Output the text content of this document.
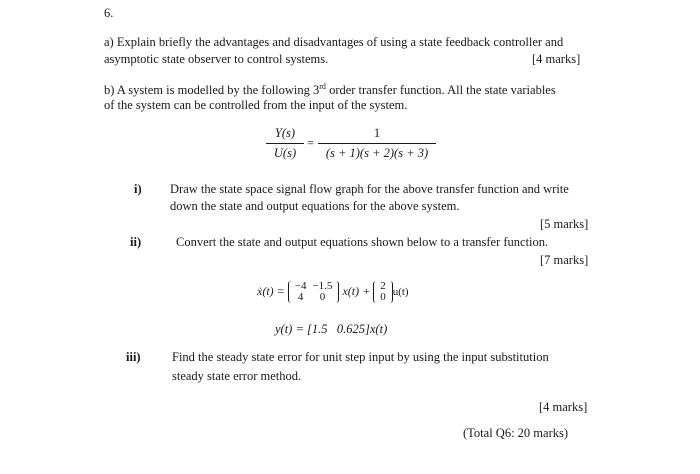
6.
a) Explain briefly the advantages and disadvantages of using a state feedback controller and
asymptotic state observer to control systems.	[4 marks]
b) A system is modelled by the following 3rd order transfer function. All the state variables
of the system can be controlled from the input of the system.
Y(s)
U(s)
=
1
(s + 1)(s + 2)(s + 3)
i) Draw the state space signal flow graph for the above transfer function and write
down the state and output equations for the above system.
[5 marks]
ii)	Convert the state and output equations shown below to a transfer function.
[7 marks]
ẋ(t) = −4	−1.5
4	0 x(t) + 2
0 u(t)
y(t) = [1.5   0.625]x(t)
iii)	Find the steady state error for unit step input by using the input substitution
steady state error method.
[4 marks]
(Total Q6: 20 marks)
